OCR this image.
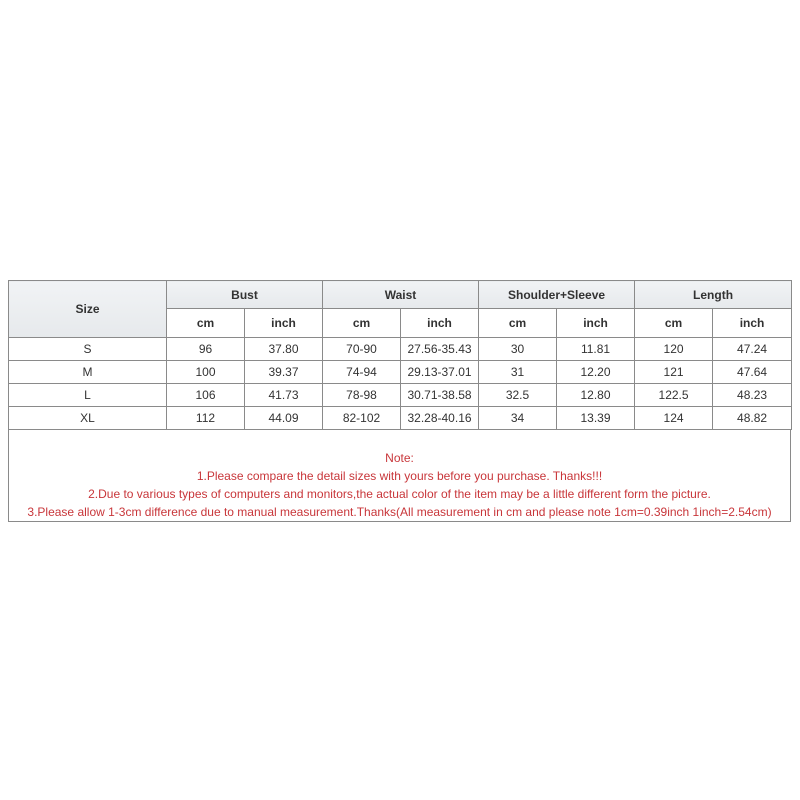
Size	Bust		Waist		Shoulder+Sleeve		Length	
	cm	inch	cm	inch	cm	inch	cm	inch
S	96	37.80	70-90	27.56-35.43	30	11.81	120	47.24
M	100	39.37	74-94	29.13-37.01	31	12.20	121	47.64
L	106	41.73	78-98	30.71-38.58	32.5	12.80	122.5	48.23
XL	112	44.09	82-102	32.28-40.16	34	13.39	124	48.82
Note:
1.Please compare the detail sizes with yours before you purchase. Thanks!!!
2.Due to various types of computers and monitors,the actual color of the item may be a little different form the picture.
3.Please allow 1-3cm difference due to manual measurement.Thanks(All measurement in cm and please note 1cm=0.39inch 1inch=2.54cm)
